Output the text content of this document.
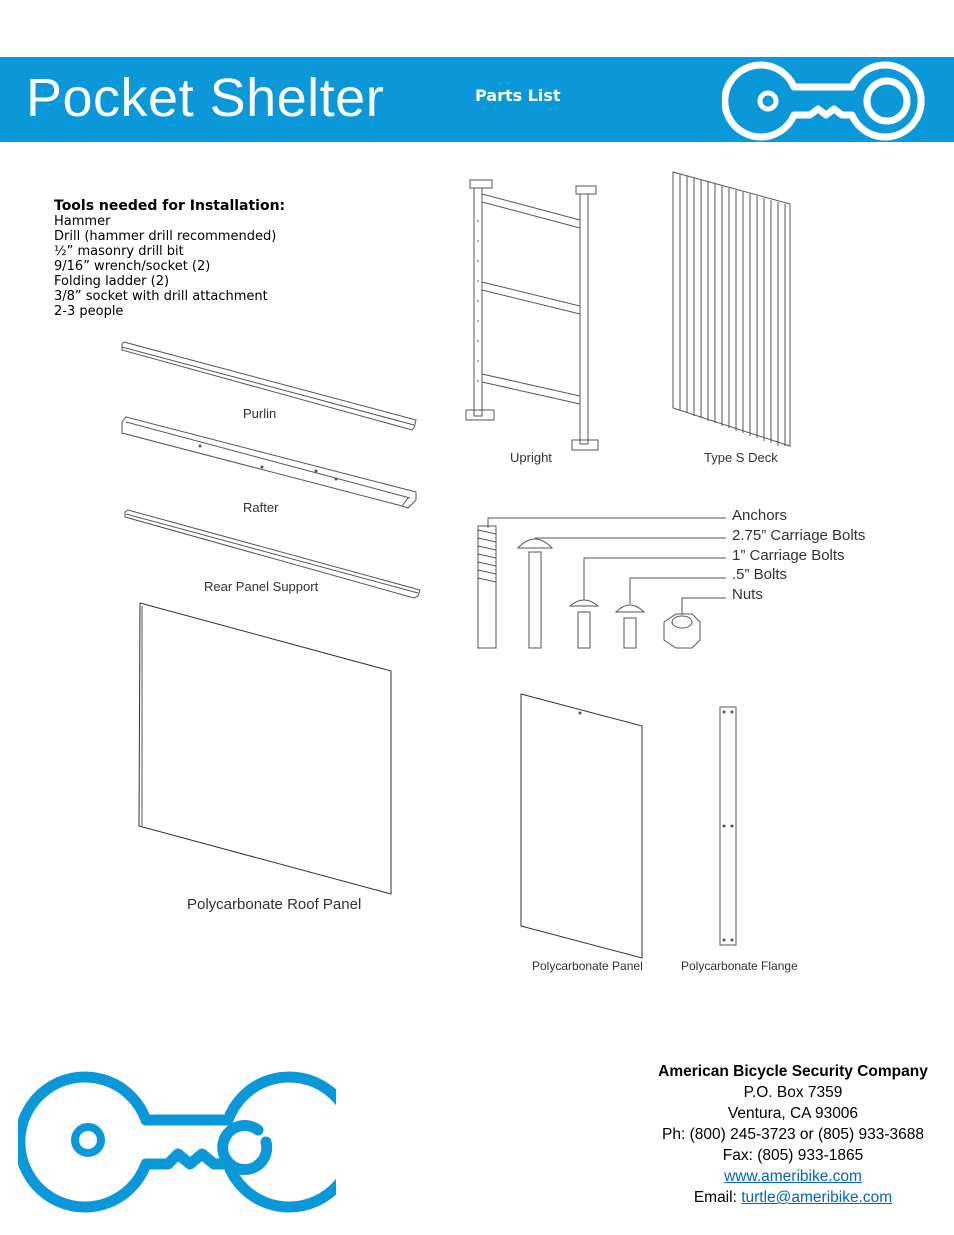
Pocket Shelter	Parts List
Tools needed for Installation:
Hammer
Drill (hammer drill recommended)
½” masonry drill bit
9/16” wrench/socket (2)
Folding ladder (2)
3/8” socket with drill attachment
2-3 people
Purlin
Rafter
Rear Panel Support
Polycarbonate Roof Panel
Upright	Type S Deck
Polycarbonate Panel	Polycarbonate Flange
Anchors
2.75” Carriage Bolts
1” Carriage Bolts
.5” Bolts
Nuts
American Bicycle Security Company
P.O. Box 7359
Ventura, CA 93006
Ph: (800) 245-3723 or (805) 933-3688
Fax: (805) 933-1865
www.ameribike.com
Email: turtle@ameribike.com
